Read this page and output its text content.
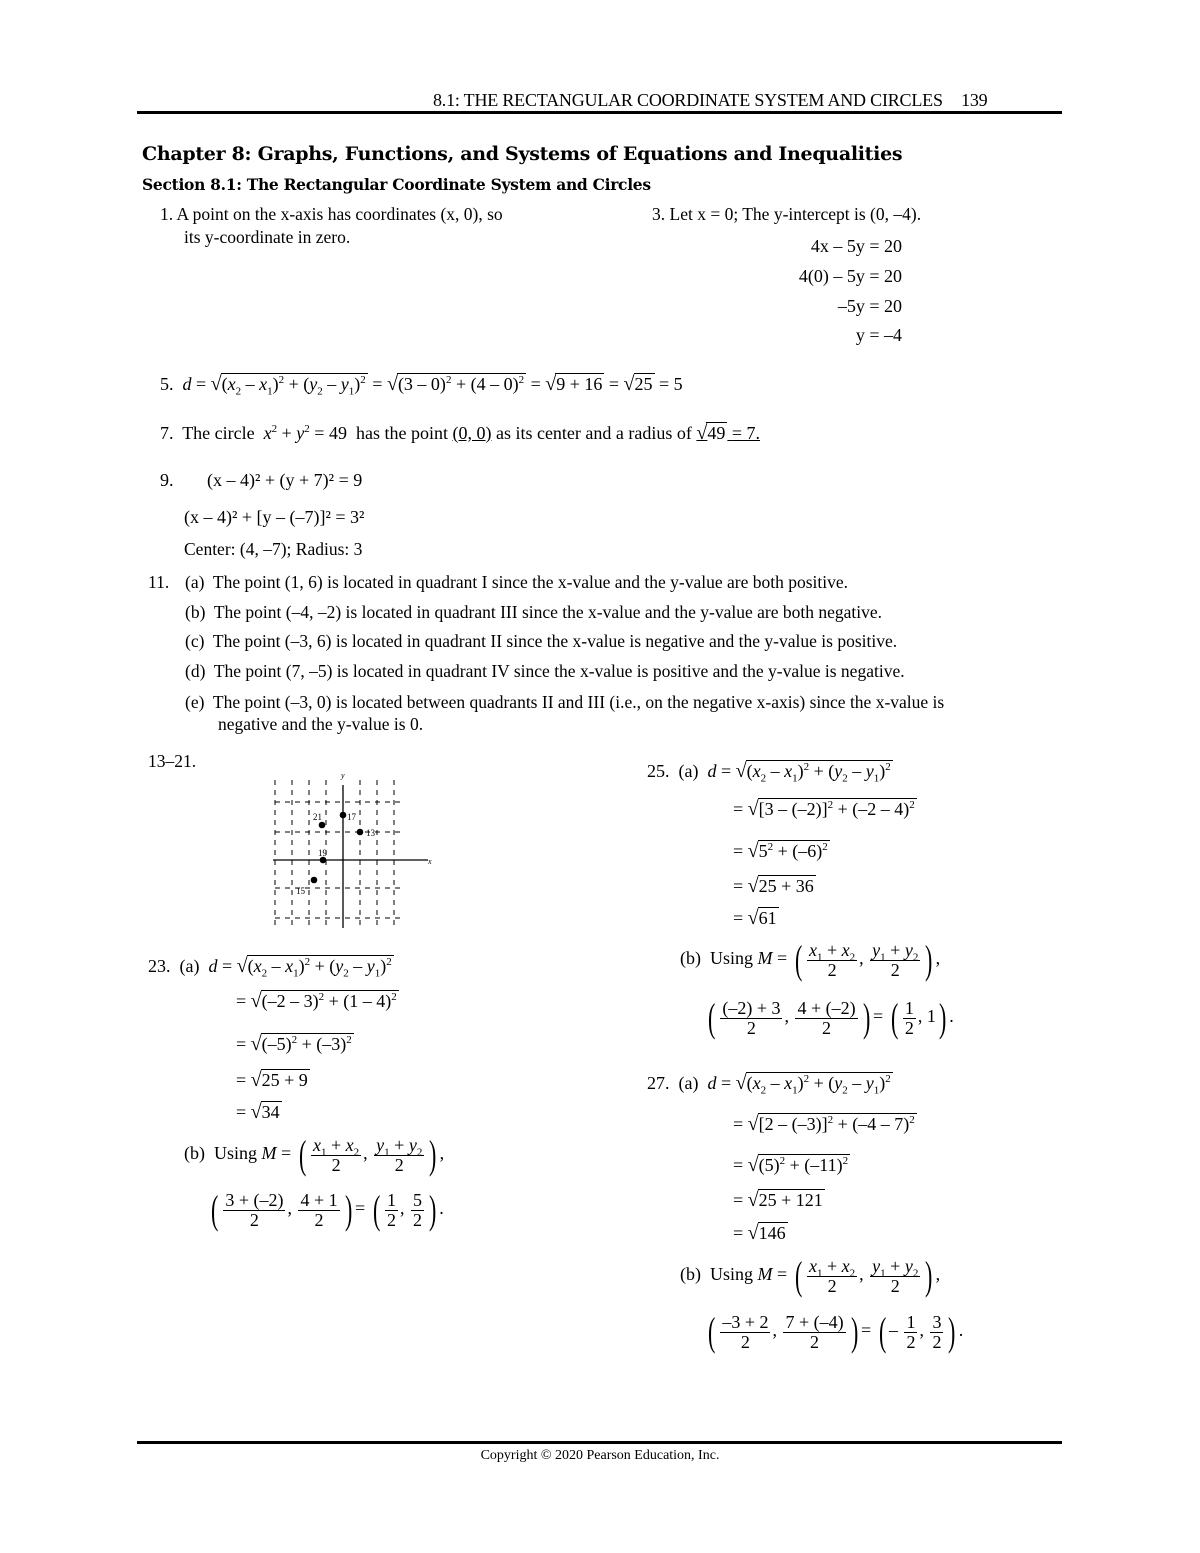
8.1: THE RECTANGULAR COORDINATE SYSTEM AND CIRCLES 139
Chapter 8: Graphs, Functions, and Systems of Equations and Inequalities
Section 8.1: The Rectangular Coordinate System and Circles
1. A point on the x-axis has coordinates (x, 0), so
its y-coordinate in zero.
3. Let x = 0; The y-intercept is (0, –4).
4x – 5y = 20
4(0) – 5y = 20
–5y = 20
y = –4
5. $d = √(x_2 - x_1)^2 + (y_2 - y_1)^2 = √(3 - 0)^2 + (4 - 0)^2 = √9 + 16 = √25 = 5$
7. The circle $x^2 + y^2 = 49$ has the point (0, 0) as its center and a radius of √49 = 7.
9. (x – 4)² + (y + 7)² = 9
(x – 4)² + [y – (–7)]² = 3²
Center: (4, –7); Radius: 3
11. (a) The point (1, 6) is located in quadrant I since the x-value and the y-value are both positive.
(b) The point (–4, –2) is located in quadrant III since the x-value and the y-value are both negative.
(c) The point (–3, 6) is located in quadrant II since the x-value is negative and the y-value is positive.
(d) The point (7, –5) is located in quadrant IV since the x-value is positive and the y-value is negative.
(e) The point (–3, 0) is located between quadrants II and III (i.e., on the negative x-axis) since the x-value is
negative and the y-value is 0.
13–21.
y
x
21	17
13
19
15
23. (a) $d = √(x_2 - x_1)^2 + (y_2 - y_1)^2$
= √(–2 – 3)$^2$ + (1 – 4)$^2$
= $√(-5)^2 + (-3)^2$
= √25 + 9
= √34
(b) Using M = ( $\frac{x_1 + x_2}{2}$ , $\frac{y_1 + y_2}{2}$ ) ,
( $\frac{3 + (-2)}{2}$ , $\frac{4 + 1}{2}$ ) = ( $\frac{1}{2}$ , $\frac{5}{2}$ ) .
25. (a) $d = √(x_2 - x_1)^2 + (y_2 - y_1)^2$
= √[3 – (–2)]$^2$ + (–2 – 4)$^2$
= $√5^2 + (-6)^2$
= √25 + 36
= √61
(b) Using M = ( $\frac{x_1 + x_2}{2}$ , $\frac{y_1 + y_2}{2}$ ) ,
( $\frac{(-2) + 3}{2}$ , $\frac{4 + (-2)}{2}$ ) = ( $\frac{1}{2}$ , 1) .
27. (a) $d = √(x_2 - x_1)^2 + (y_2 - y_1)^2$
= √[2 – (–3)]$^2$ + (–4 – 7)$^2$
= $√(5)^2 + (-11)^2$
= √25 + 121
= √146
(b) Using M = ( $\frac{x_1 + x_2}{2}$ , $\frac{y_1 + y_2}{2}$ ) ,
( $\frac{-3 + 2}{2}$ , $\frac{7 + (-4)}{2}$ ) = ( – $\frac{1}{2}$ , $\frac{3}{2}$ ) .
Copyright © 2020 Pearson Education, Inc.
